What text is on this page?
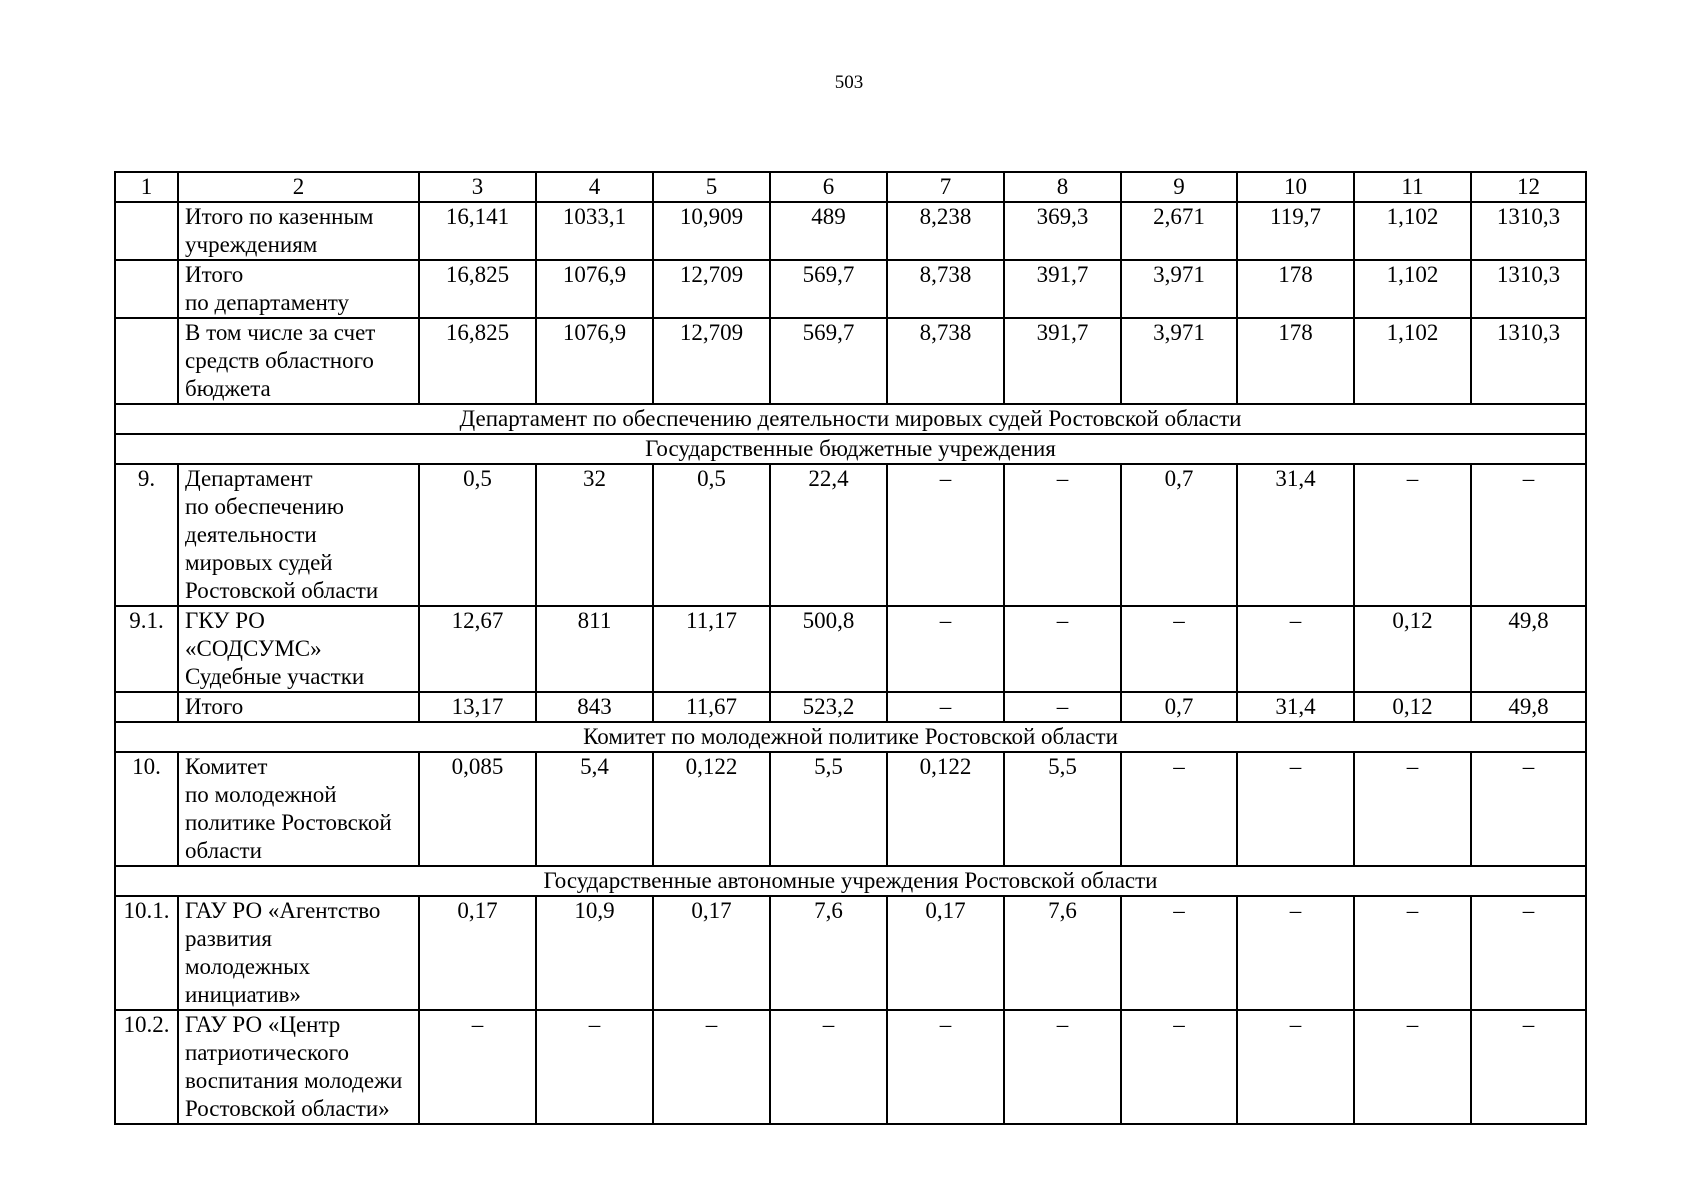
503
1	2	3	4	5	6	7	8	9	10	11	12
	Итого по казенным
учреждениям	16,141	1033,1	10,909	489	8,238	369,3	2,671	119,7	1,102	1310,3
	Итого
по департаменту	16,825	1076,9	12,709	569,7	8,738	391,7	3,971	178	1,102	1310,3
	В том числе за счет
средств областного
бюджета	16,825	1076,9	12,709	569,7	8,738	391,7	3,971	178	1,102	1310,3
Департамент по обеспечению деятельности мировых судей Ростовской области											
Государственные бюджетные учреждения											
9.	Департамент
по обеспечению
деятельности
мировых судей
Ростовской области	0,5	32	0,5	22,4	–	–	0,7	31,4	–	–
9.1.	ГКУ РО
«СОДСУМС»
Судебные участки	12,67	811	11,17	500,8	–	–	–	–	0,12	49,8
	Итого	13,17	843	11,67	523,2	–	–	0,7	31,4	0,12	49,8
Комитет по молодежной политике Ростовской области											
10.	Комитет
по молодежной
политике Ростовской
области	0,085	5,4	0,122	5,5	0,122	5,5	–	–	–	–
Государственные автономные учреждения Ростовской области											
10.1.	ГАУ РО «Агентство
развития
молодежных
инициатив»	0,17	10,9	0,17	7,6	0,17	7,6	–	–	–	–
10.2.	ГАУ РО «Центр
патриотического
воспитания молодежи
Ростовской области»	–	–	–	–	–	–	–	–	–	–
